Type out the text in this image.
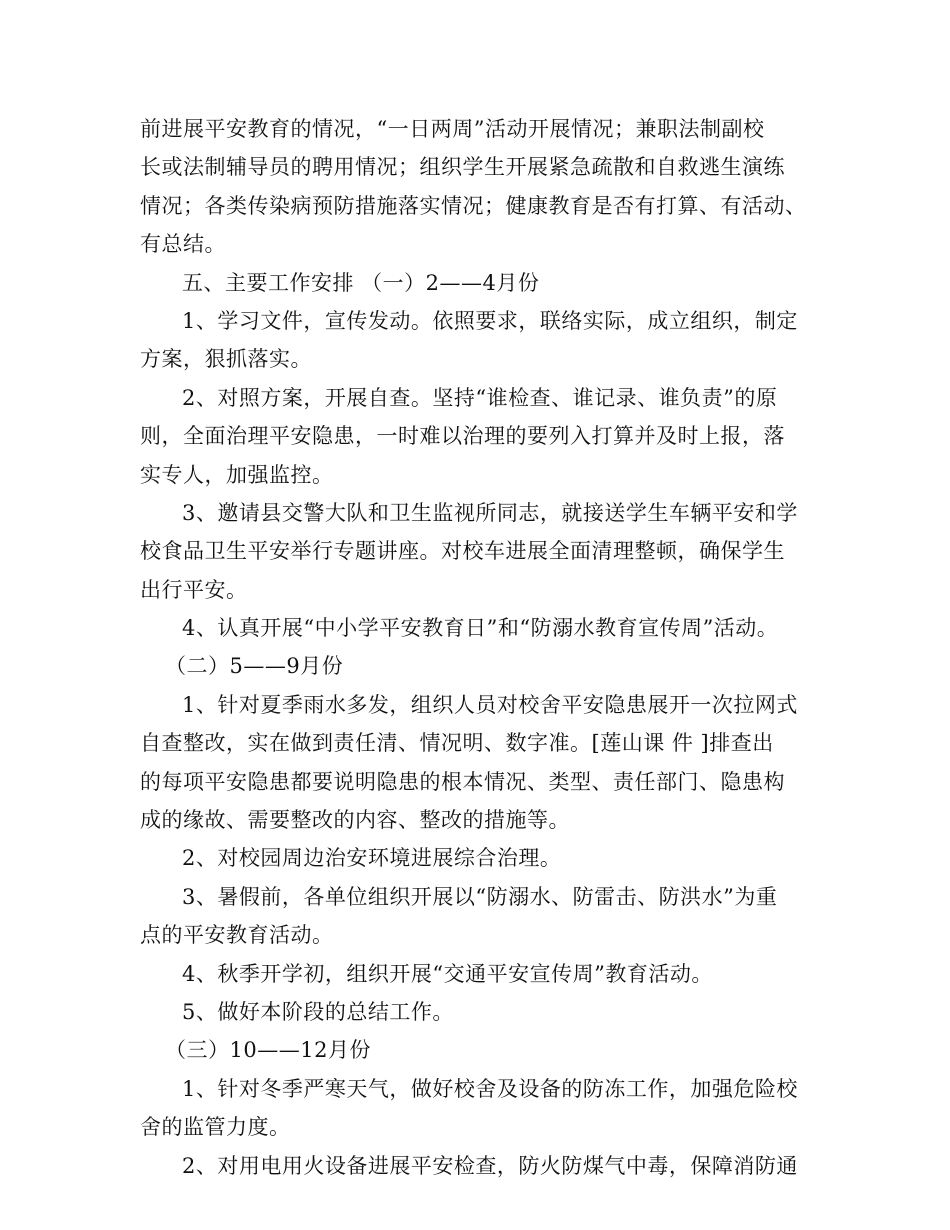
前进展平安教育的情况，“一日两周”活动开展情况；兼职法制副校
长或法制辅导员的聘用情况；组织学生开展紧急疏散和自救逃生演练
情况；各类传染病预防措施落实情况；健康教育是否有打算、有活动、
有总结。
五、主要工作安排 （一）2——4月份
1、学习文件，宣传发动。依照要求，联络实际，成立组织，制定
方案，狠抓落实。
2、对照方案，开展自查。坚持“谁检查、谁记录、谁负责”的原
则，全面治理平安隐患，一时难以治理的要列入打算并及时上报，落
实专人，加强监控。
3、邀请县交警大队和卫生监视所同志，就接送学生车辆平安和学
校食品卫生平安举行专题讲座。对校车进展全面清理整顿，确保学生
出行平安。
4、认真开展“中小学平安教育日”和“防溺水教育宣传周”活动。
（二）5——9月份
1、针对夏季雨水多发，组织人员对校舍平安隐患展开一次拉网式
自查整改，实在做到责任清、情况明、数字准。[莲山课 件 ]排查出
的每项平安隐患都要说明隐患的根本情况、类型、责任部门、隐患构
成的缘故、需要整改的内容、整改的措施等。
2、对校园周边治安环境进展综合治理。
3、暑假前，各单位组织开展以“防溺水、防雷击、防洪水”为重
点的平安教育活动。
4、秋季开学初，组织开展“交通平安宣传周”教育活动。
5、做好本阶段的总结工作。
（三）10——12月份
1、针对冬季严寒天气，做好校舍及设备的防冻工作，加强危险校
舍的监管力度。
2、对用电用火设备进展平安检查，防火防煤气中毒，保障消防通
